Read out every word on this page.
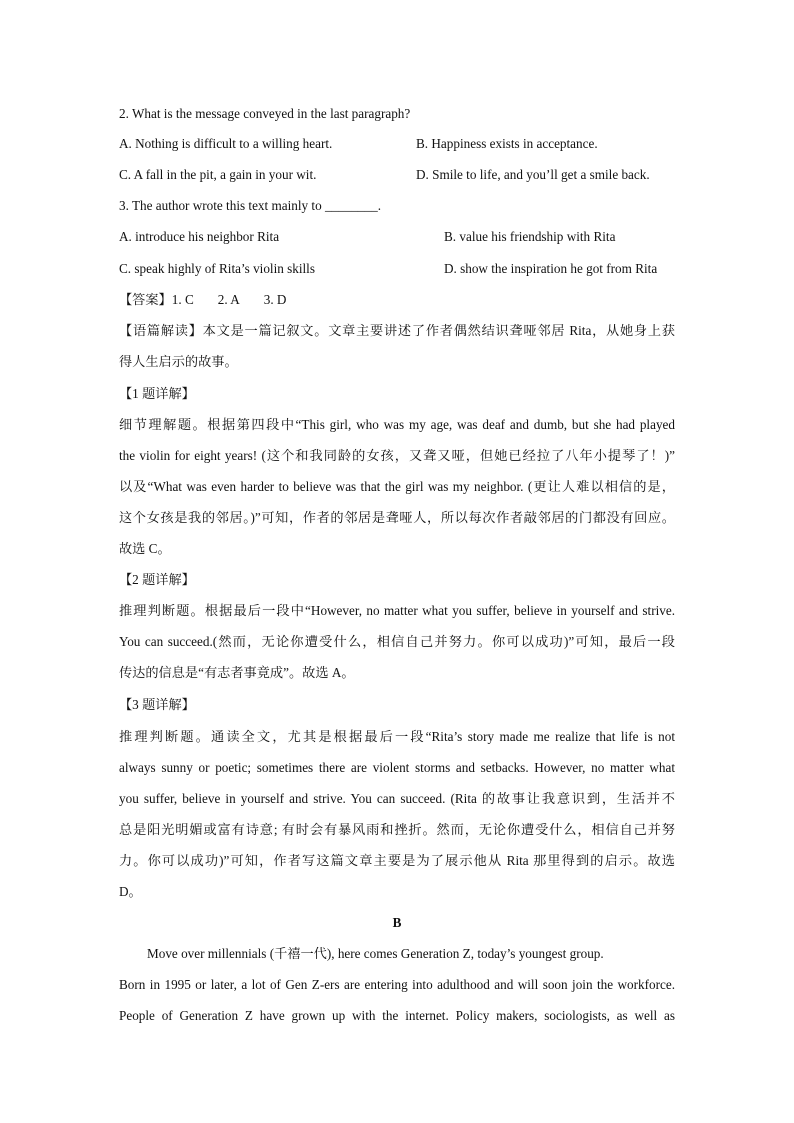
2. What is the message conveyed in the last paragraph?

A. Nothing is difficult to a willing heart.	B. Happiness exists in acceptance.
C. A fall in the pit, a gain in your wit.	D. Smile to life, and you’ll get a smile back.

3. The author wrote this text mainly to ________.

A. introduce his neighbor Rita	B. value his friendship with Rita
C. speak highly of Rita’s violin skills	D. show the inspiration he got from Rita
【答案】1. C 2. A 3. D

【语篇解读】本文是一篇记叙文。文章主要讲述了作者偶然结识聋哑邻居 Rita，从她身上获

得人生启示的故事。

【1 题详解】

细节理解题。根据第四段中“This girl, who was my age, was deaf and dumb, but she had played

the violin for eight years! (这个和我同龄的女孩，又聋又哑，但她已经拉了八年小提琴了！)”

以及“What was even harder to believe was that the girl was my neighbor. (更让人难以相信的是，

这个女孩是我的邻居。)”可知，作者的邻居是聋哑人，所以每次作者敲邻居的门都没有回应。

故选 C。

【2 题详解】

推理判断题。根据最后一段中“However, no matter what you suffer, believe in yourself and strive.

You can succeed.(然而，无论你遭受什么，相信自己并努力。你可以成功)”可知，最后一段

传达的信息是“有志者事竟成”。故选 A。

【3 题详解】

推理判断题。通读全文，尤其是根据最后一段“Rita’s story made me realize that life is not

always sunny or poetic; sometimes there are violent storms and setbacks. However, no matter what

you suffer, believe in yourself and strive. You can succeed. (Rita 的故事让我意识到，生活并不

总是阳光明媚或富有诗意; 有时会有暴风雨和挫折。然而，无论你遭受什么，相信自己并努

力。你可以成功)”可知，作者写这篇文章主要是为了展示他从 Rita 那里得到的启示。故选

D。

B

Move over millennials (千禧一代), here comes Generation Z, today’s youngest group.

Born in 1995 or later, a lot of Gen Z-ers are entering into adulthood and will soon join the workforce.

People of Generation Z have grown up with the internet. Policy makers, sociologists, as well as
